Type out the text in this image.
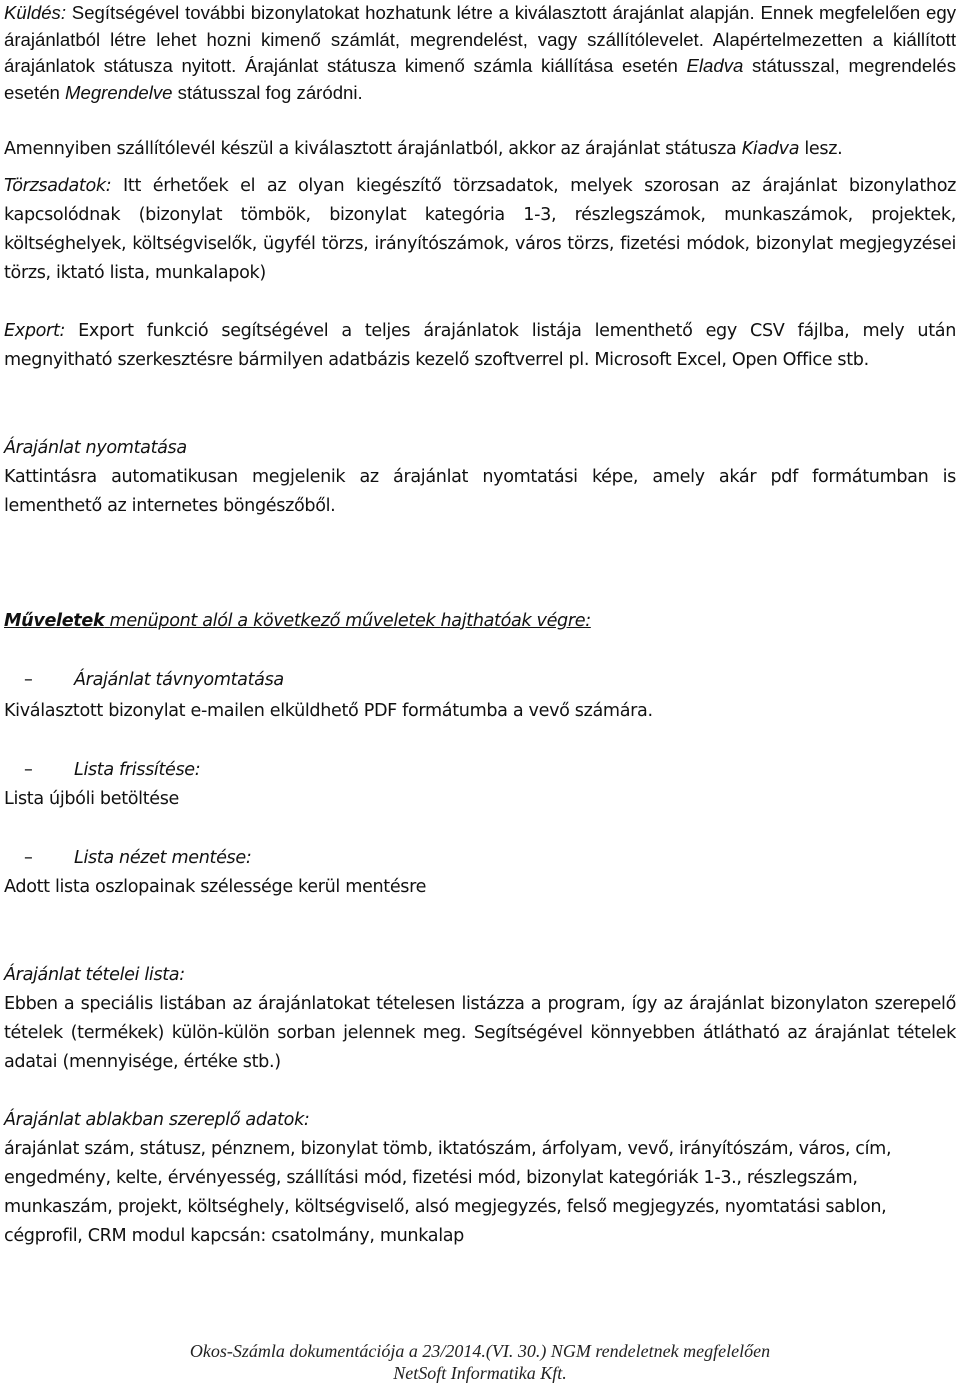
Küldés: Segítségével további bizonylatokat hozhatunk létre a kiválasztott árajánlat alapján. Ennek megfelelően egy árajánlatból létre lehet hozni kimenő számlát, megrendelést, vagy szállítólevelet. Alapértelmezetten a kiállított árajánlatok státusza nyitott. Árajánlat státusza kimenő számla kiállítása esetén Eladva státusszal, megrendelés esetén Megrendelve státusszal fog záródni.

Amennyiben szállítólevél készül a kiválasztott árajánlatból, akkor az árajánlat státusza Kiadva lesz.

Törzsadatok: Itt érhetőek el az olyan kiegészítő törzsadatok, melyek szorosan az árajánlat bizonylathoz kapcsolódnak (bizonylat tömbök, bizonylat kategória 1-3, részlegszámok, munkaszámok, projektek, költséghelyek, költségviselők, ügyfél törzs, irányítószámok, város törzs, fizetési módok, bizonylat megjegyzései törzs, iktató lista, munkalapok)

Export: Export funkció segítségével a teljes árajánlatok listája lementhető egy CSV fájlba, mely után megnyitható szerkesztésre bármilyen adatbázis kezelő szoftverrel pl. Microsoft Excel, Open Office stb.

Árajánlat nyomtatása

Kattintásra automatikusan megjelenik az árajánlat nyomtatási képe, amely akár pdf formátumban is lementhető az internetes böngészőből.

Műveletek menüpont alól a következő műveletek hajthatóak végre:

–	Árajánlat távnyomtatása

Kiválasztott bizonylat e-mailen elküldhető PDF formátumba a vevő számára.

–	Lista frissítése:

Lista újbóli betöltése

–	Lista nézet mentése:

Adott lista oszlopainak szélessége kerül mentésre

Árajánlat tételei lista:

Ebben a speciális listában az árajánlatokat tételesen listázza a program, így az árajánlat bizonylaton szerepelő tételek (termékek) külön-külön sorban jelennek meg. Segítségével könnyebben átlátható az árajánlat tételek adatai (mennyisége, értéke stb.)

Árajánlat ablakban szereplő adatok:

árajánlat szám, státusz, pénznem, bizonylat tömb, iktatószám, árfolyam, vevő, irányítószám, város, cím, engedmény, kelte, érvényesség, szállítási mód, fizetési mód, bizonylat kategóriák 1-3., részlegszám, munkaszám, projekt, költséghely, költségviselő, alsó megjegyzés, felső megjegyzés, nyomtatási sablon, cégprofil, CRM modul kapcsán: csatolmány, munkalap

Okos-Számla dokumentációja a 23/2014.(VI. 30.) NGM rendeletnek megfelelően
NetSoft Informatika Kft.
